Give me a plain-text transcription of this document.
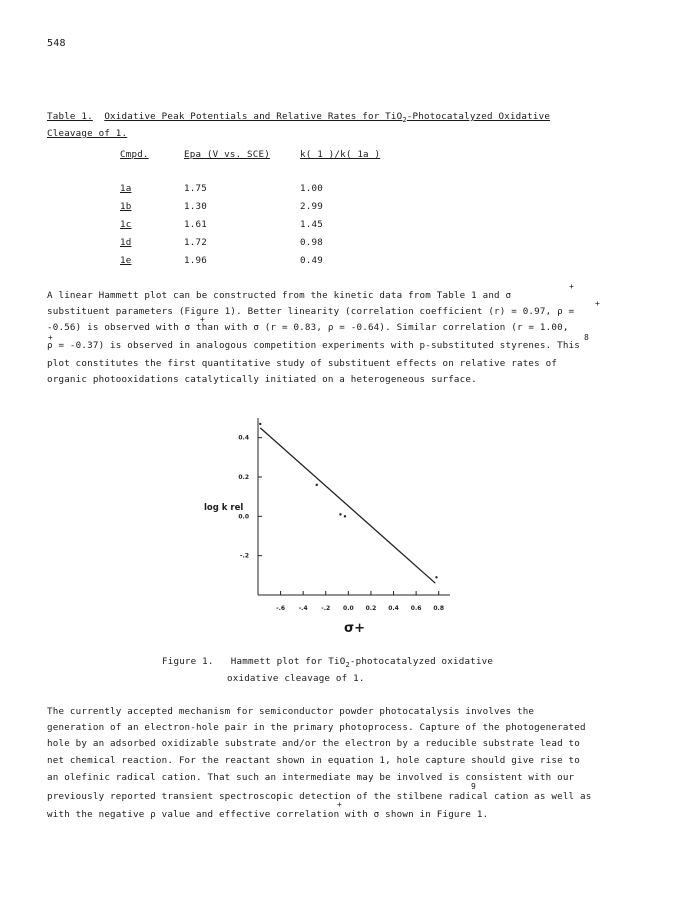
548
Table 1. Oxidative Peak Potentials and Relative Rates for TiO$_2$-Photocatalyzed Oxidative
Cleavage of 1.
Cmpd.	Epa (V vs. SCE)	k( 1 )/k( 1a )
1a	1.75	1.00
1b	1.30	2.99
1c	1.61	1.45
1d	1.72	0.98
1e	1.96	0.49
A linear Hammett plot can be constructed from the kinetic data from Table 1 and σ
substituent parameters (Figure 1). Better linearity (correlation coefficient (r) = 0.97, ρ =
-0.56) is observed with σ than with σ (r = 0.83, ρ = -0.64). Similar correlation (r = 1.00,
ρ = -0.37) is observed in analogous competition experiments with p-substituted styrenes. This
plot constitutes the first quantitative study of substituent effects on relative rates of
organic photooxidations catalytically initiated on a heterogeneous surface.
+
+
+
+	8
0.4
0.2
0.0
-.2
-.6 -.4 -.2 0.0 0.2 0.4 0.6 0.8
log k rel
σ+
Figure 1. Hammett plot for TiO$_2$-photocatalyzed oxidative
oxidative cleavage of 1.
The currently accepted mechanism for semiconductor powder photocatalysis involves the
generation of an electron-hole pair in the primary photoprocess. Capture of the photogenerated
hole by an adsorbed oxidizable substrate and/or the electron by a reducible substrate lead to
net chemical reaction. For the reactant shown in equation 1, hole capture should give rise to
an olefinic radical cation. That such an intermediate may be involved is consistent with our
previously reported transient spectroscopic detection of the stilbene radical cation as well as
with the negative ρ value and effective correlation with σ shown in Figure 1.
9
+
